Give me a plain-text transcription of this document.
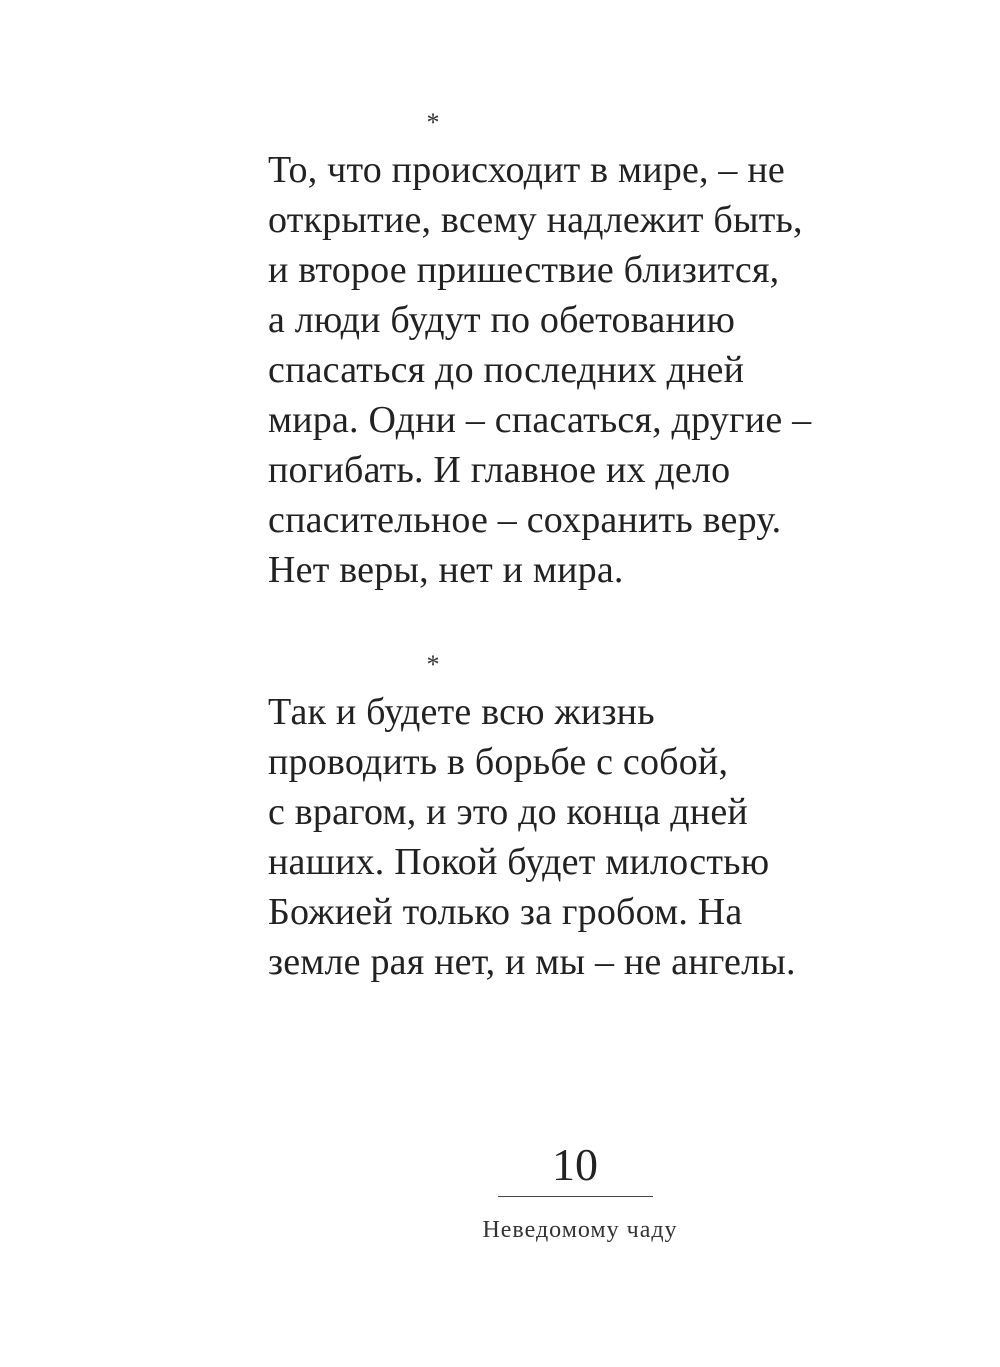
*
То, что происходит в мире, – не
открытие, всему надлежит быть,
и второе пришествие близится,
а люди будут по обетованию
спасаться до последних дней
мира. Одни – спасаться, другие –
погибать. И главное их дело
спасительное – сохранить веру.
Нет веры, нет и мира.
*
Так и будете всю жизнь
проводить в борьбе с собой,
с врагом, и это до конца дней
наших. Покой будет милостью
Божией только за гробом. На
земле рая нет, и мы – не ангелы.
10
Неведомому чаду
